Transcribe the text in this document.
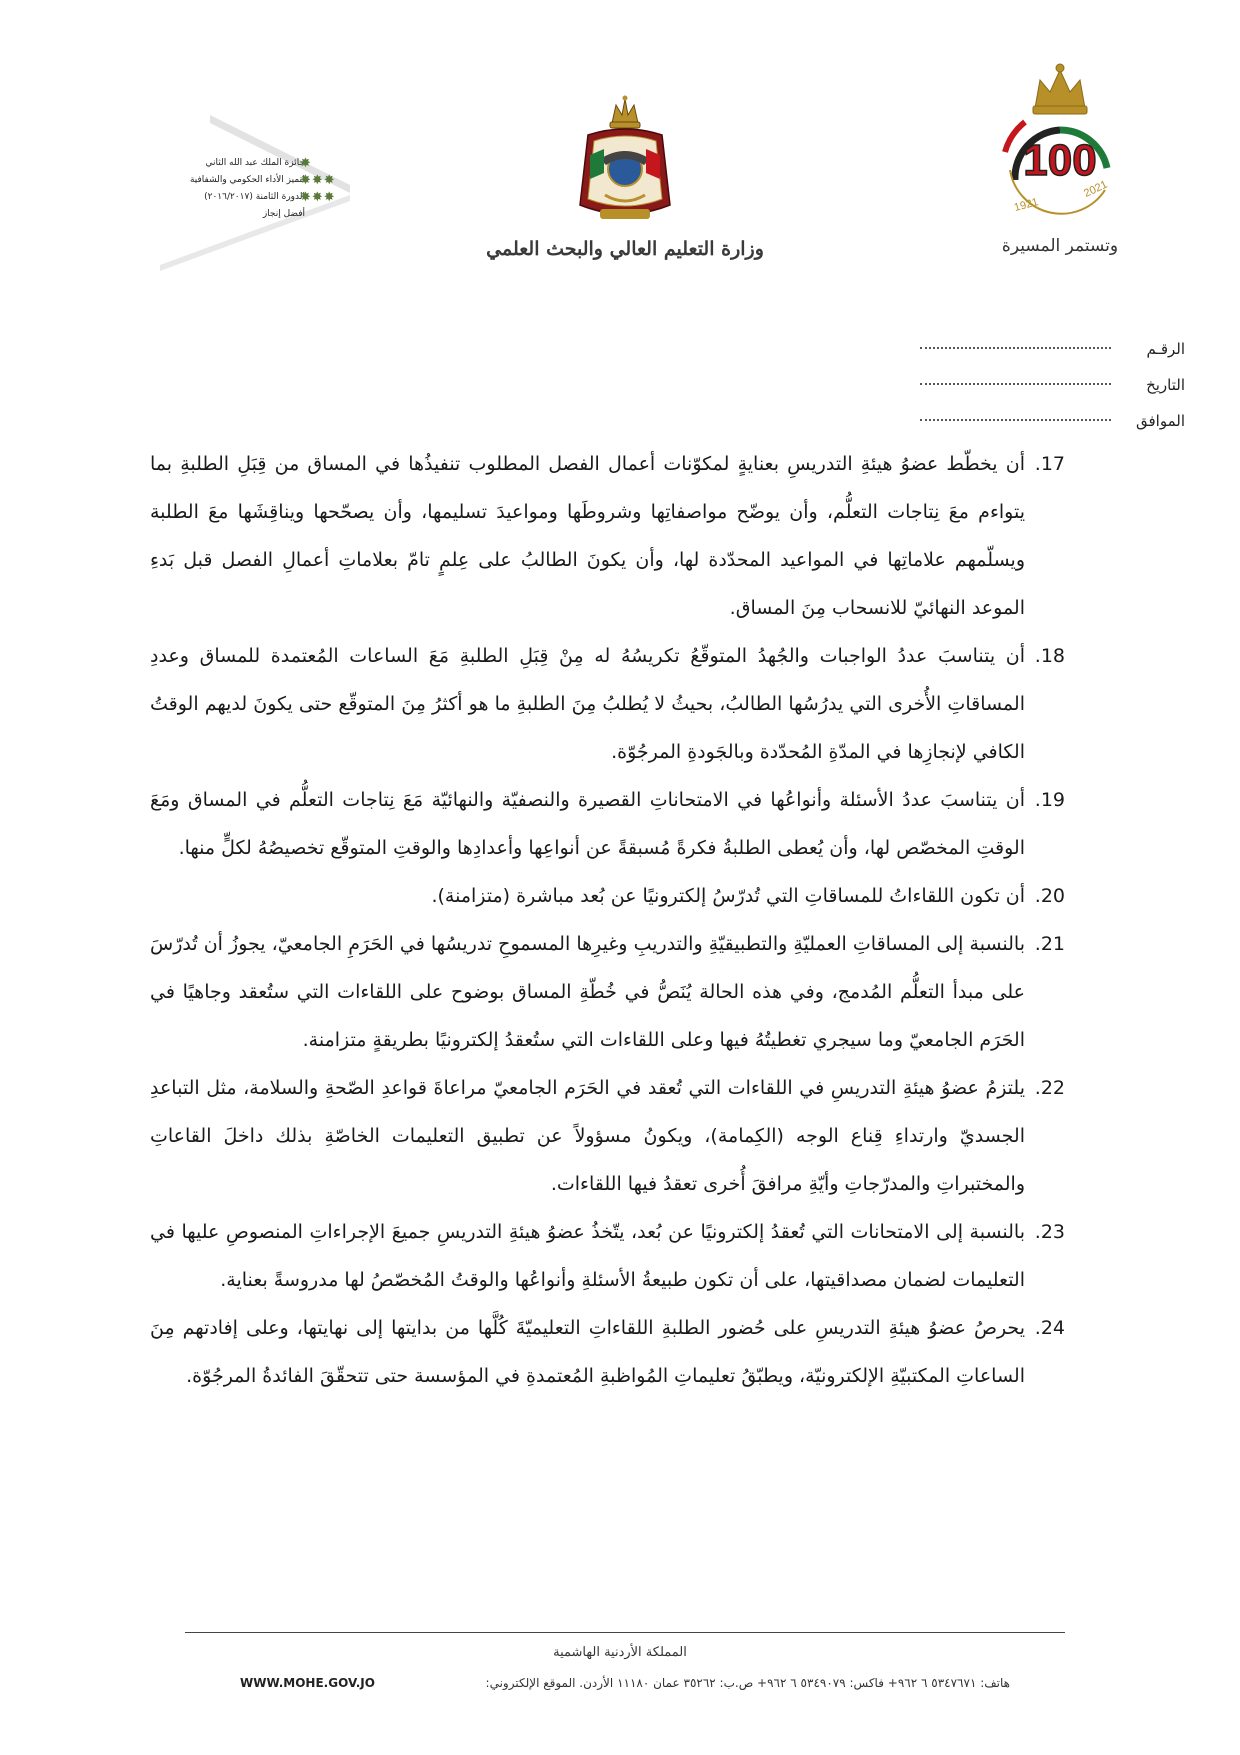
100
1921
2021
وتستمر المسيرة
وزارة التعليم العالي والبحث العلمي
جائزة الملك عبد الله الثاني
لتميز الأداء الحكومي والشفافية
الدورة الثامنة (٢٠١٦/٢٠١٧)
أفضل إنجاز
✸
✸✸✸
✸✸✸
الرقـم
التاريخ
الموافق
17.
أن يخطّط عضوُ هيئةِ التدريسِ بعنايةٍ لمكوّنات أعمال الفصل المطلوب تنفيذُها في المساق من قِبَلِ الطلبةِ بما يتواءم معَ نِتاجات التعلُّم، وأن يوضّح مواصفاتِها وشروطَها ومواعيدَ تسليمها، وأن يصحّحها ويناقِشَها معَ الطلبة ويسلّمهم علاماتِها في المواعيد المحدّدة لها، وأن يكونَ الطالبُ على عِلمٍ تامّ بعلاماتِ أعمالِ الفصل قبل بَدءِ الموعد النهائيّ للانسحاب مِنَ المساق.
18.
أن يتناسبَ عددُ الواجبات والجُهدُ المتوقّعُ تكريسُهُ له مِنْ قِبَلِ الطلبةِ مَعَ الساعات المُعتمدة للمساق وعددِ المساقاتِ الأُخرى التي يدرُسُها الطالبُ، بحيثُ لا يُطلبُ مِنَ الطلبةِ ما هو أكثرُ مِنَ المتوقّع حتى يكونَ لديهم الوقتُ الكافي لإنجازِها في المدّةِ المُحدّدة وبالجَودةِ المرجُوّة.
19.
أن يتناسبَ عددُ الأسئلة وأنواعُها في الامتحاناتِ القصيرة والنصفيّة والنهائيّة مَعَ نِتاجات التعلُّم في المساق ومَعَ الوقتِ المخصّص لها، وأن يُعطى الطلبةُ فكرةً مُسبقةً عن أنواعِها وأعدادِها والوقتِ المتوقّع تخصيصُهُ لكلٍّ منها.
20.
أن تكون اللقاءاتُ للمساقاتِ التي تُدرّسُ إلكترونيًا عن بُعد مباشرة (متزامنة).
21.
بالنسبة إلى المساقاتِ العمليّةِ والتطبيقيّةِ والتدريبِ وغيرِها المسموحِ تدريسُها في الحَرَمِ الجامعيّ، يجوزُ أن تُدرّسَ على مبدأ التعلُّم المُدمج، وفي هذه الحالة يُنَصُّ في خُطّةِ المساق بوضوح على اللقاءات التي ستُعقد وجاهيًا في الحَرَم الجامعيّ وما سيجري تغطيتُهُ فيها وعلى اللقاءات التي ستُعقدُ إلكترونيًا بطريقةٍ متزامنة.
22.
يلتزمُ عضوُ هيئةِ التدريسِ في اللقاءات التي تُعقد في الحَرَم الجامعيّ مراعاةَ قواعدِ الصّحةِ والسلامة، مثل التباعدِ الجسديّ وارتداءِ قِناع الوجه (الكِمامة)، ويكونُ مسؤولاً عن تطبيق التعليمات الخاصّةِ بذلك داخلَ القاعاتِ والمختبراتِ والمدرّجاتِ وأيّةِ مرافقَ أُخرى تعقدُ فيها اللقاءات.
23.
بالنسبة إلى الامتحانات التي تُعقدُ إلكترونيًا عن بُعد، يتّخذُ عضوُ هيئةِ التدريسِ جميعَ الإجراءاتِ المنصوصِ عليها في التعليمات لضمان مصداقيتها، على أن تكون طبيعةُ الأسئلةِ وأنواعُها والوقتُ المُخصّصُ لها مدروسةً بعناية.
24.
يحرصُ عضوُ هيئةِ التدريسِ على حُضور الطلبةِ اللقاءاتِ التعليميّةَ كُلَّها من بدايتها إلى نهايتها، وعلى إفادتهم مِنَ الساعاتِ المكتبيّةِ الإلكترونيّة، ويطبّقُ تعليماتِ المُواظبةِ المُعتمدةِ في المؤسسة حتى تتحقّقَ الفائدةُ المرجُوّة.
المملكة الأردنية الهاشمية
هاتف: ٥٣٤٧٦٧١ ٦ ٩٦٢+ فاكس: ٥٣٤٩٠٧٩ ٦ ٩٦٢+ ص.ب: ٣٥٢٦٢ عمان ١١١٨٠ الأردن. الموقع الإلكتروني:
WWW.MOHE.GOV.JO
